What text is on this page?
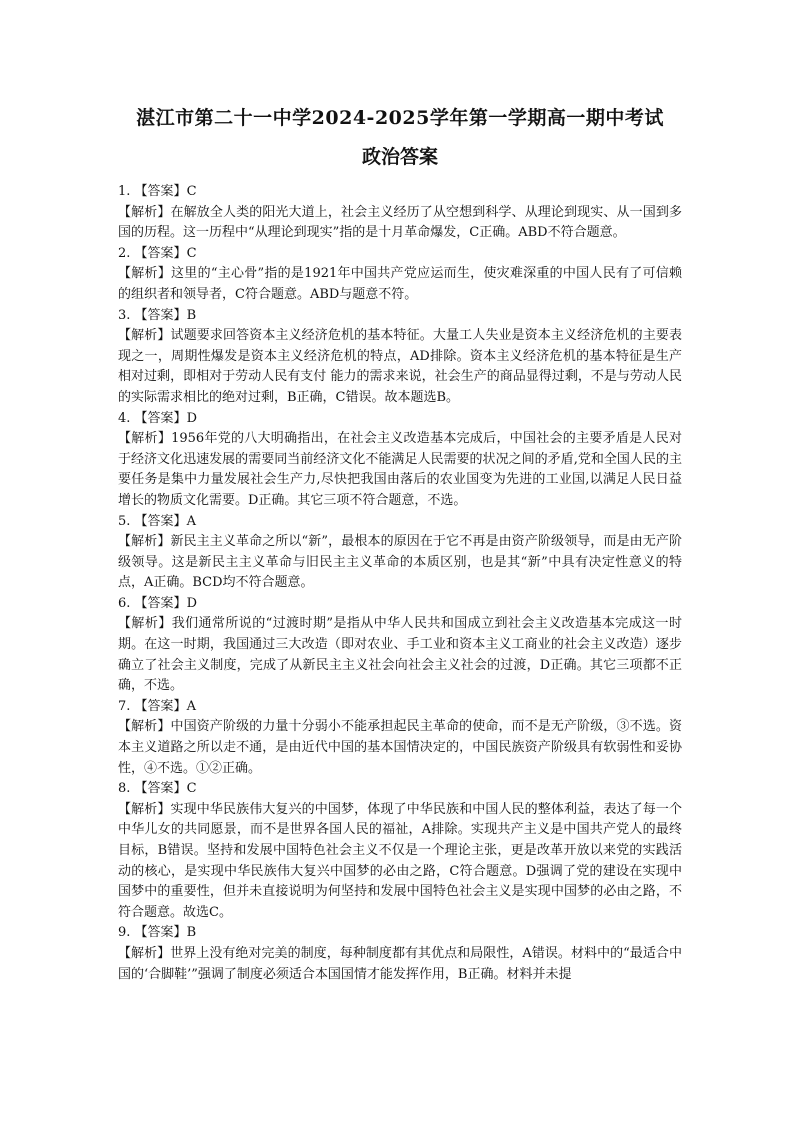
湛江市第二十一中学2024-2025学年第一学期高一期中考试
政治答案

1. 【答案】C

【解析】在解放全人类的阳光大道上，社会主义经历了从空想到科学、从理论到现实、从一国到多国的历程。这一历程中“从理论到现实”指的是十月革命爆发，C正确。ABD不符合题意。

2. 【答案】C

【解析】这里的“主心骨”指的是1921年中国共产党应运而生，使灾难深重的中国人民有了可信赖的组织者和领导者，C符合题意。ABD与题意不符。

3. 【答案】B

【解析】试题要求回答资本主义经济危机的基本特征。大量工人失业是资本主义经济危机的主要表现之一，周期性爆发是资本主义经济危机的特点，AD排除。资本主义经济危机的基本特征是生产相对过剩，即相对于劳动人民有支付 能力的需求来说，社会生产的商品显得过剩，不是与劳动人民的实际需求相比的绝对过剩，B正确，C错误。故本题选B。

4. 【答案】D

【解析】1956年党的八大明确指出，在社会主义改造基本完成后，中国社会的主要矛盾是人民对于经济文化迅速发展的需要同当前经济文化不能满足人民需要的状况之间的矛盾,党和全国人民的主要任务是集中力量发展社会生产力,尽快把我国由落后的农业国变为先进的工业国,以满足人民日益增长的物质文化需要。D正确。其它三项不符合题意，不选。

5. 【答案】A

【解析】新民主主义革命之所以“新”，最根本的原因在于它不再是由资产阶级领导，而是由无产阶级领导。这是新民主主义革命与旧民主主义革命的本质区别，也是其“新”中具有决定性意义的特点，A正确。BCD均不符合题意。

6. 【答案】D

【解析】我们通常所说的“过渡时期”是指从中华人民共和国成立到社会主义改造基本完成这一时期。在这一时期，我国通过三大改造（即对农业、手工业和资本主义工商业的社会主义改造）逐步确立了社会主义制度，完成了从新民主主义社会向社会主义社会的过渡，D正确。其它三项都不正确，不选。

7. 【答案】A

【解析】中国资产阶级的力量十分弱小不能承担起民主革命的使命，而不是无产阶级，③不选。资本主义道路之所以走不通，是由近代中国的基本国情决定的，中国民族资产阶级具有软弱性和妥协性，④不选。①②正确。

8. 【答案】C

【解析】实现中华民族伟大复兴的中国梦，体现了中华民族和中国人民的整体利益，表达了每一个中华儿女的共同愿景，而不是世界各国人民的福祉，A排除。实现共产主义是中国共产党人的最终目标，B错误。坚持和发展中国特色社会主义不仅是一个理论主张，更是改革开放以来党的实践活动的核心，是实现中华民族伟大复兴中国梦的必由之路，C符合题意。D强调了党的建设在实现中国梦中的重要性，但并未直接说明为何坚持和发展中国特色社会主义是实现中国梦的必由之路，不符合题意。故选C。

9. 【答案】B

【解析】世界上没有绝对完美的制度，每种制度都有其优点和局限性，A错误。材料中的“最适合中国的‘合脚鞋’”强调了制度必须适合本国国情才能发挥作用，B正确。材料并未提
